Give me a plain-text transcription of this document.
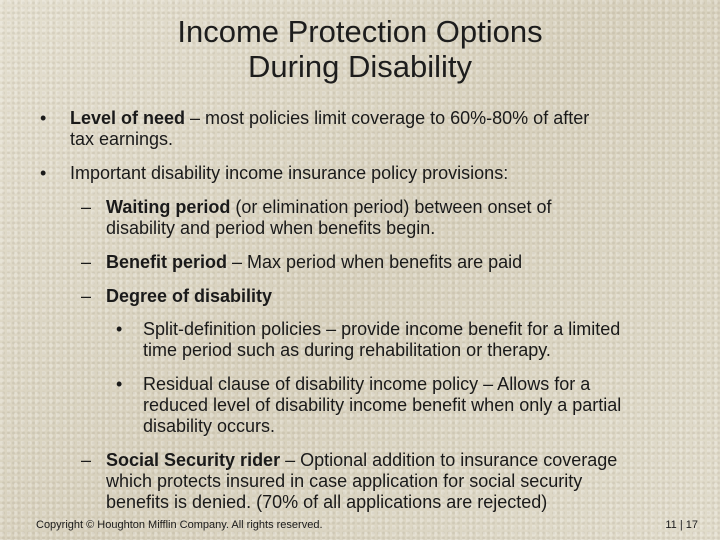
Income Protection Options
During Disability
• Level of need – most policies limit coverage to 60%-80% of after
tax earnings.
• Important disability income insurance policy provisions:
– Waiting period (or elimination period) between onset of
disability and period when benefits begin.
– Benefit period – Max period when benefits are paid
– Degree of disability
• Split-definition policies – provide income benefit for a limited
time period such as during rehabilitation or therapy.
• Residual clause of disability income policy – Allows for a
reduced level of disability income benefit when only a partial
disability occurs.
– Social Security rider – Optional addition to insurance coverage
which protects insured in case application for social security
benefits is denied. (70% of all applications are rejected)
Copyright © Houghton Mifflin Company. All rights reserved.	11 | 17
